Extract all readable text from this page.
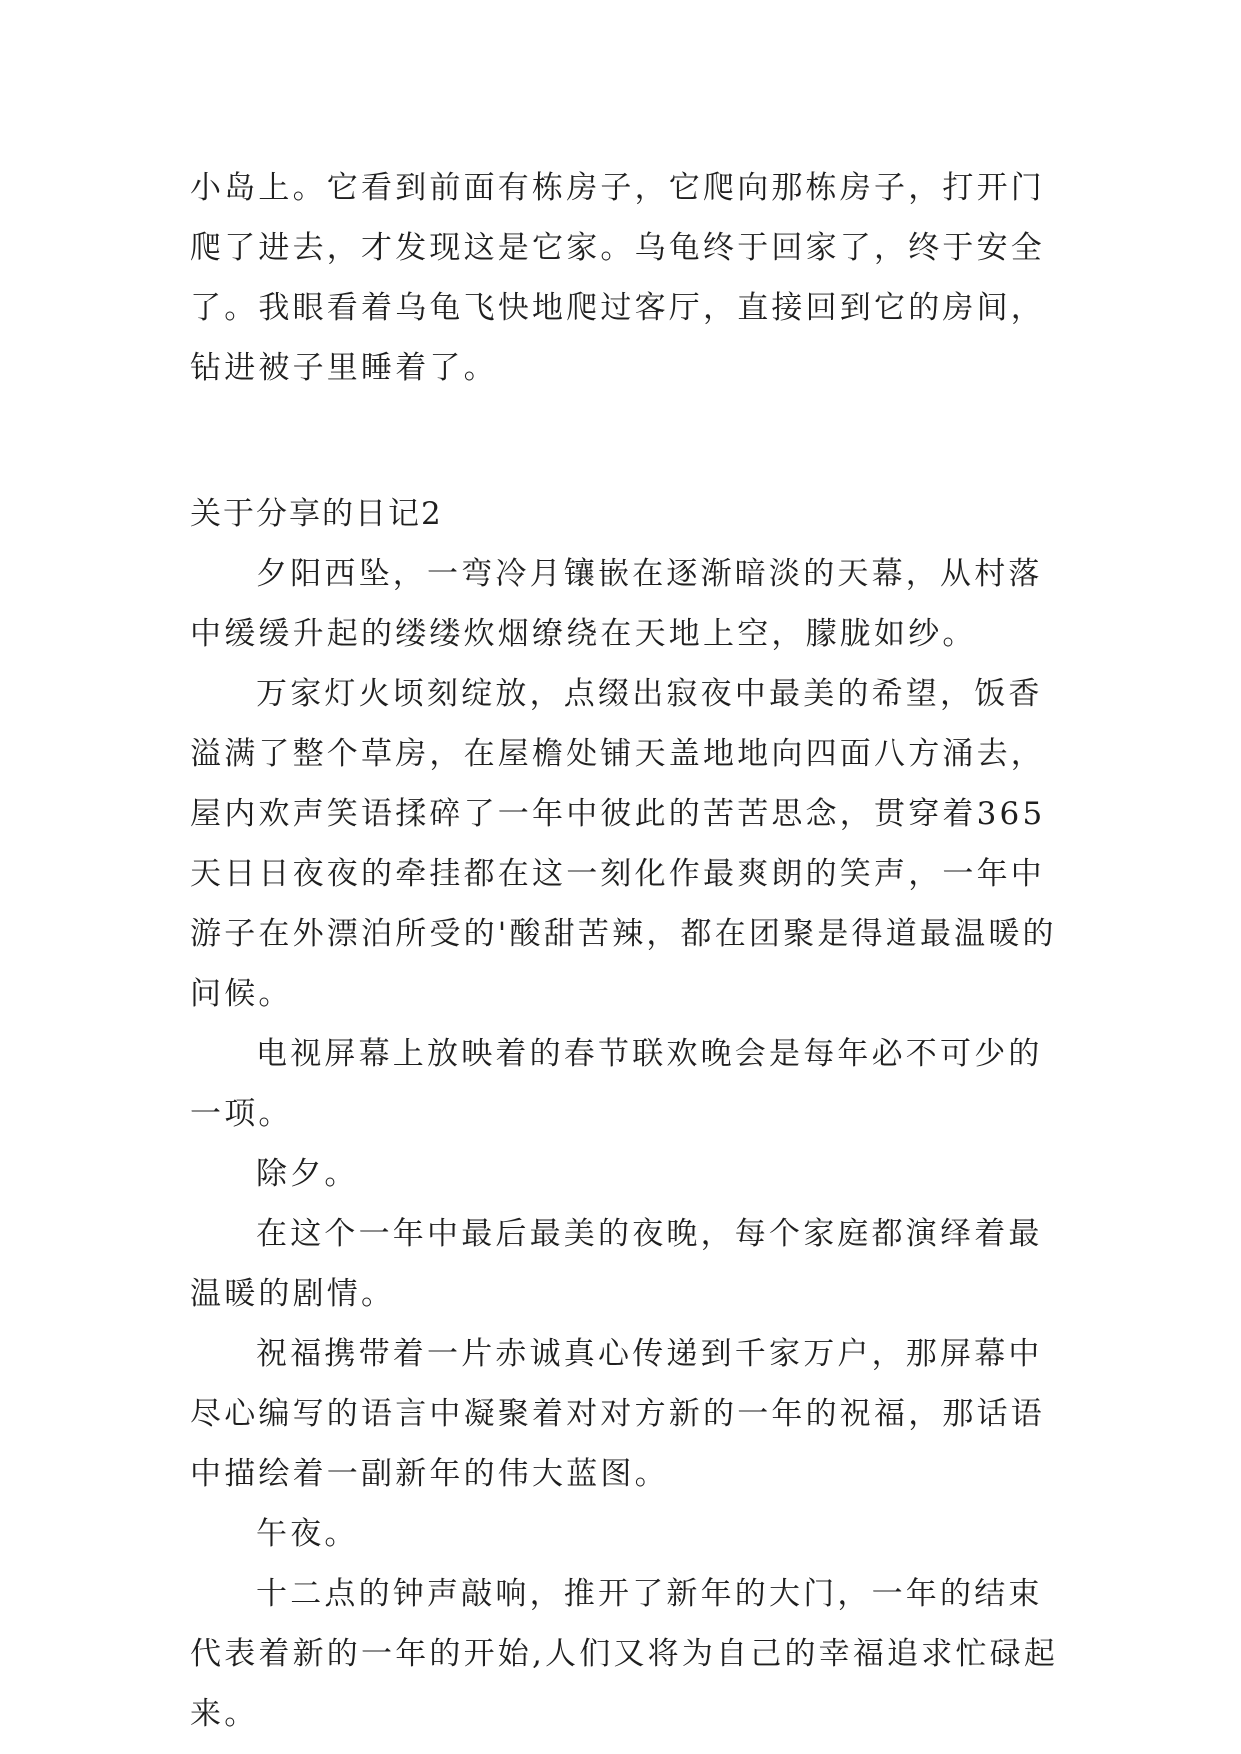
小岛上。它看到前面有栋房子，它爬向那栋房子，打开门爬了进去，才发现这是它家。乌龟终于回家了，终于安全了。我眼看着乌龟飞快地爬过客厅，直接回到它的房间，钻进被子里睡着了。

关于分享的日记2

夕阳西坠，一弯冷月镶嵌在逐渐暗淡的天幕，从村落中缓缓升起的缕缕炊烟缭绕在天地上空，朦胧如纱。

万家灯火顷刻绽放，点缀出寂夜中最美的希望，饭香溢满了整个草房，在屋檐处铺天盖地地向四面八方涌去，屋内欢声笑语揉碎了一年中彼此的苦苦思念，贯穿着365天日日夜夜的牵挂都在这一刻化作最爽朗的笑声，一年中游子在外漂泊所受的'酸甜苦辣，都在团聚是得道最温暖的问候。

电视屏幕上放映着的春节联欢晚会是每年必不可少的一项。

除夕。

在这个一年中最后最美的夜晚，每个家庭都演绎着最温暖的剧情。

祝福携带着一片赤诚真心传递到千家万户，那屏幕中尽心编写的语言中凝聚着对对方新的一年的祝福，那话语中描绘着一副新年的伟大蓝图。

午夜。

十二点的钟声敲响，推开了新年的大门，一年的结束代表着新的一年的开始,人们又将为自己的幸福追求忙碌起来。
